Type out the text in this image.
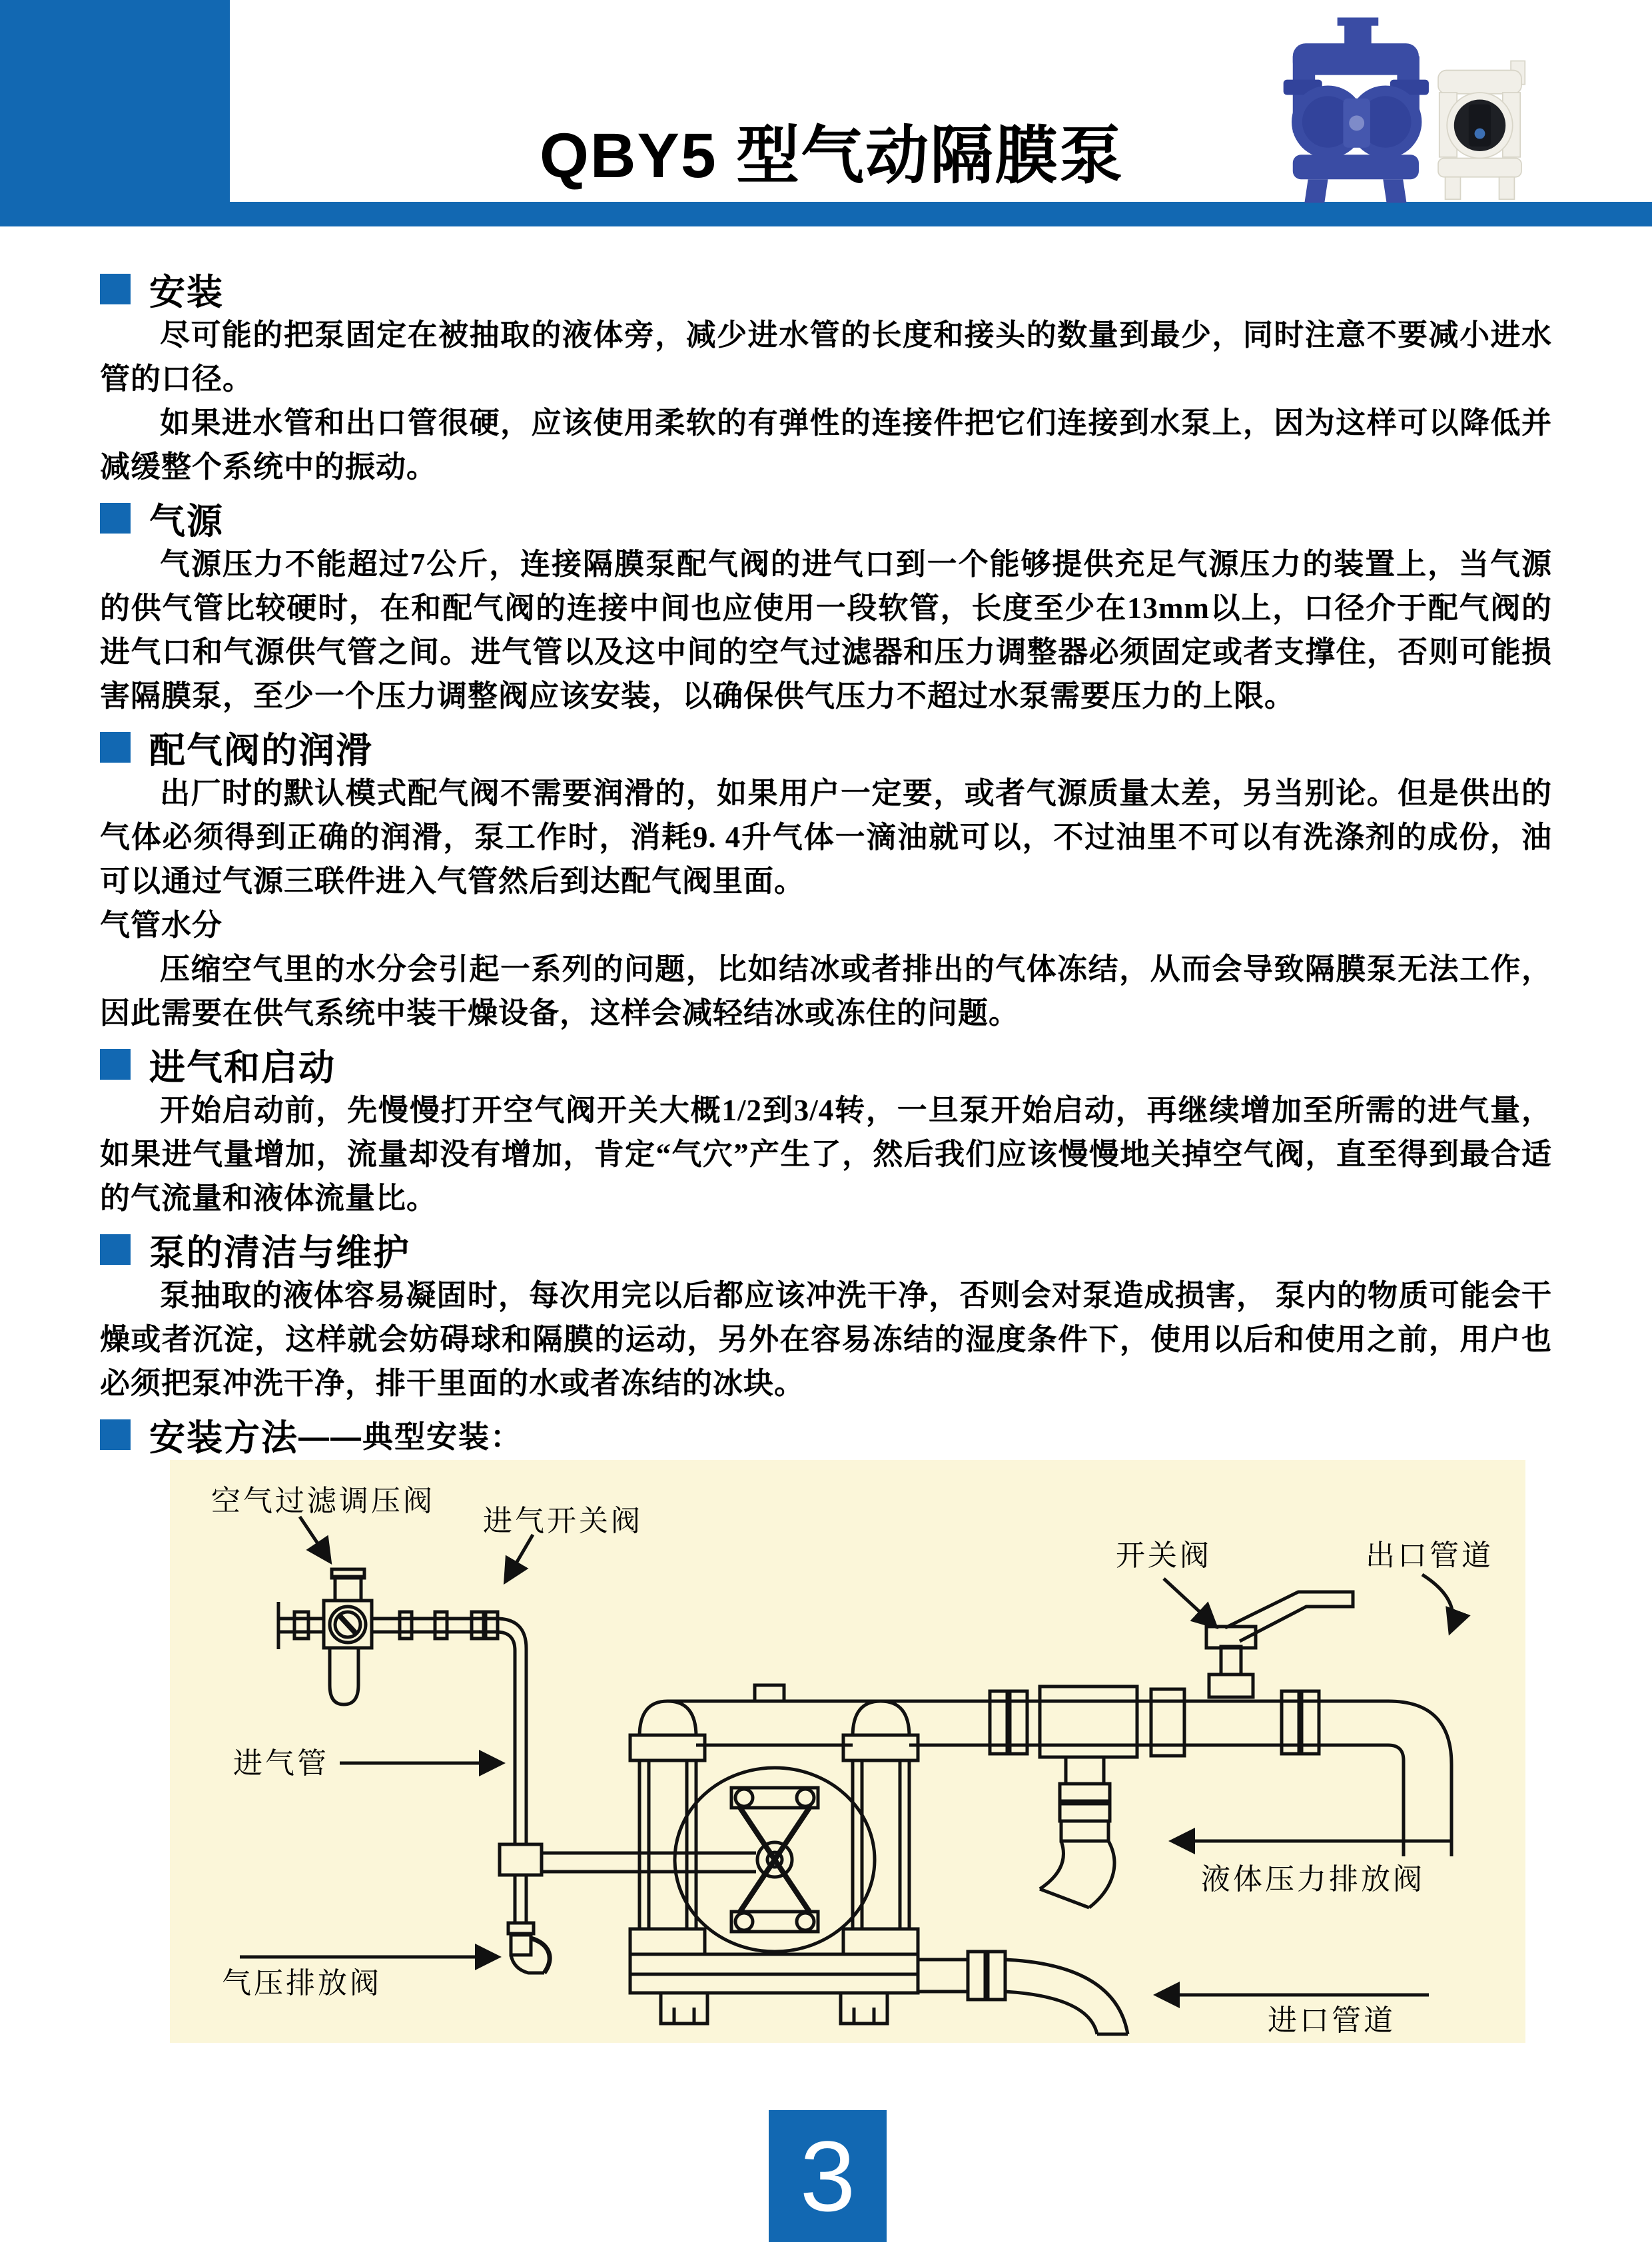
QBY5 型气动隔膜泵
安装

尽可能的把泵固定在被抽取的液体旁，减少进水管的长度和接头的数量到最少，同时注意不要减小进水管的口径。

如果进水管和出口管很硬，应该使用柔软的有弹性的连接件把它们连接到水泵上，因为这样可以降低并减缓整个系统中的振动。

气源

气源压力不能超过7公斤，连接隔膜泵配气阀的进气口到一个能够提供充足气源压力的装置上，当气源的供气管比较硬时，在和配气阀的连接中间也应使用一段软管，长度至少在13mm以上，口径介于配气阀的进气口和气源供气管之间。进气管以及这中间的空气过滤器和压力调整器必须固定或者支撑住，否则可能损害隔膜泵，至少一个压力调整阀应该安装，以确保供气压力不超过水泵需要压力的上限。

配气阀的润滑

出厂时的默认模式配气阀不需要润滑的，如果用户一定要，或者气源质量太差，另当别论。但是供出的气体必须得到正确的润滑，泵工作时，消耗9. 4升气体一滴油就可以，不过油里不可以有洗涤剂的成份，油可以通过气源三联件进入气管然后到达配气阀里面。

气管水分

压缩空气里的水分会引起一系列的问题，比如结冰或者排出的气体冻结，从而会导致隔膜泵无法工作，因此需要在供气系统中装干燥设备，这样会减轻结冰或冻住的问题。

进气和启动

开始启动前，先慢慢打开空气阀开关大概1/2到3/4转，一旦泵开始启动，再继续增加至所需的进气量，如果进气量增加，流量却没有增加，肯定“气穴”产生了，然后我们应该慢慢地关掉空气阀，直至得到最合适的气流量和液体流量比。

泵的清洁与维护

泵抽取的液体容易凝固时，每次用完以后都应该冲洗干净，否则会对泵造成损害， 泵内的物质可能会干燥或者沉淀，这样就会妨碍球和隔膜的运动，另外在容易冻结的湿度条件下，使用以后和使用之前，用户也必须把泵冲洗干净，排干里面的水或者冻结的冰块。

安装方法 ——典型安装：
空气过滤调压阀
进气开关阀
开关阀	出口管道
进气管
液体压力排放阀
气压排放阀
进口管道
3
